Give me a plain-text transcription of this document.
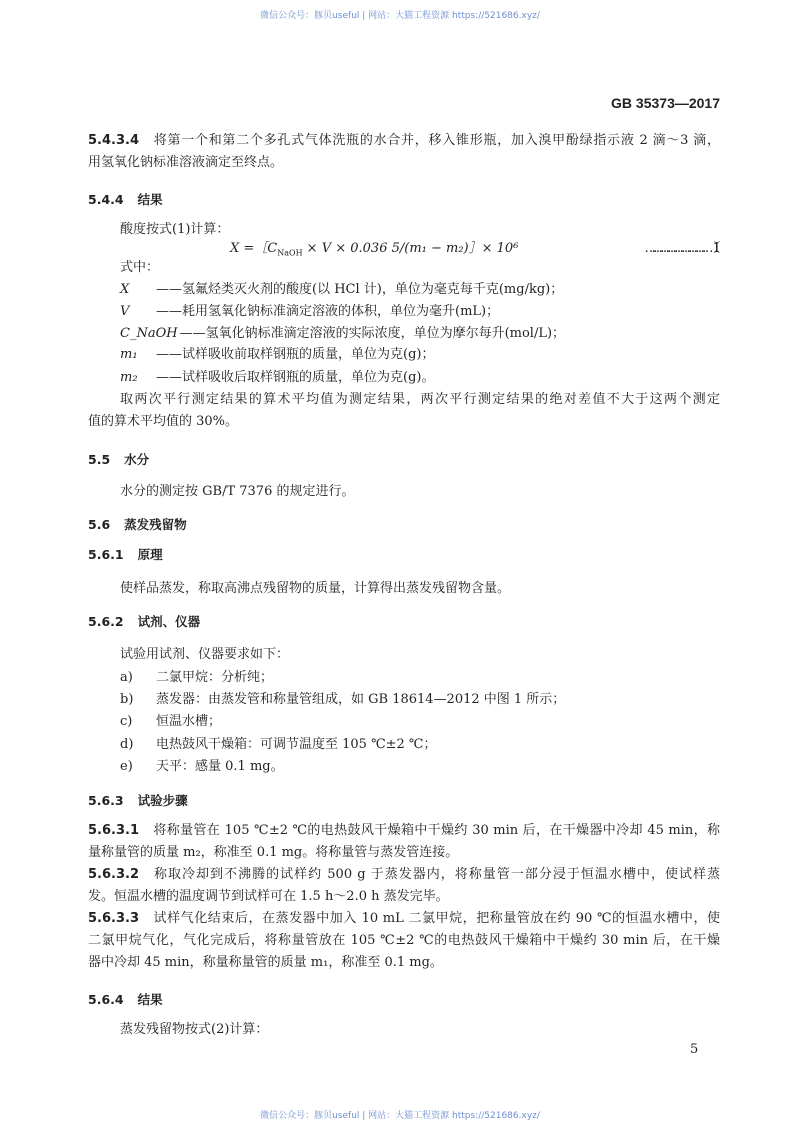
微信公众号：豚贝useful | 网站：大猫工程资源 https://521686.xyz/
GB 35373—2017
5.4.3.4 将第一个和第二个多孔式气体洗瓶的水合并，移入锥形瓶，加入溴甲酚绿指示液 2 滴～3 滴，
用氢氧化钠标准溶液滴定至终点。
5.4.4 结果
酸度按式(1)计算：
$X =[C_{NaOH} \times V \times 0.036$ 5/(m₁ − m₂)］× 10⁶	………………………（ 1 ）
式中：
X ——氢氟烃类灭火剂的酸度(以 HCl 计)，单位为毫克每千克(mg/kg)；
V ——耗用氢氧化钠标准滴定溶液的体积，单位为毫升(mL)；
C_NaOH ——氢氧化钠标准滴定溶液的实际浓度，单位为摩尔每升(mol/L)；
m₁ ——试样吸收前取样钢瓶的质量，单位为克(g)；
m₂ ——试样吸收后取样钢瓶的质量，单位为克(g)。
取两次平行测定结果的算术平均值为测定结果，两次平行测定结果的绝对差值不大于这两个测定
值的算术平均值的 30%。
5.5 水分
水分的测定按 GB/T 7376 的规定进行。
5.6 蒸发残留物
5.6.1 原理
使样品蒸发，称取高沸点残留物的质量，计算得出蒸发残留物含量。
5.6.2 试剂、仪器
试验用试剂、仪器要求如下：
a) 二氯甲烷：分析纯；
b) 蒸发器：由蒸发管和称量管组成，如 GB 18614—2012 中图 1 所示；
c) 恒温水槽；
d) 电热鼓风干燥箱：可调节温度至 105 ℃±2 ℃；
e) 天平：感量 0.1 mg。
5.6.3 试验步骤
5.6.3.1 将称量管在 105 ℃±2 ℃的电热鼓风干燥箱中干燥约 30 min 后，在干燥器中冷却 45 min，称
量称量管的质量 m₂，称准至 0.1 mg。将称量管与蒸发管连接。
5.6.3.2 称取冷却到不沸腾的试样约 500 g 于蒸发器内，将称量管一部分浸于恒温水槽中，使试样蒸
发。恒温水槽的温度调节到试样可在 1.5 h～2.0 h 蒸发完毕。
5.6.3.3 试样气化结束后，在蒸发器中加入 10 mL 二氯甲烷，把称量管放在约 90 ℃的恒温水槽中，使
二氯甲烷气化，气化完成后，将称量管放在 105 ℃±2 ℃的电热鼓风干燥箱中干燥约 30 min 后，在干燥
器中冷却 45 min，称量称量管的质量 m₁，称准至 0.1 mg。
5.6.4 结果
蒸发残留物按式(2)计算：
5
微信公众号：豚贝useful | 网站：大猫工程资源 https://521686.xyz/
